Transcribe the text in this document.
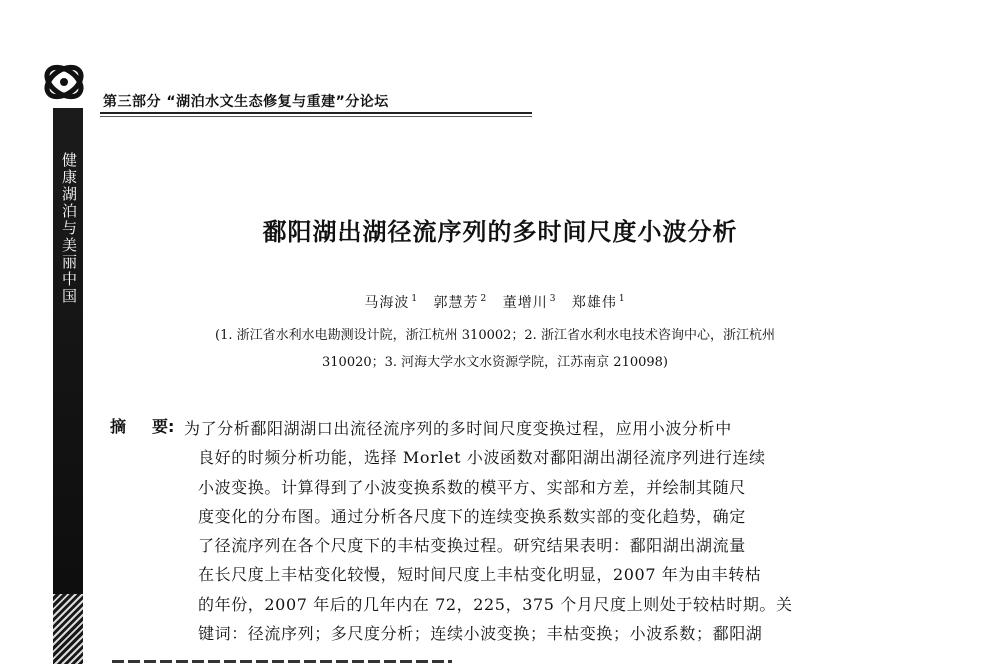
健康湖泊与美丽中国
第三部分 “湖泊水文生态修复与重建”分论坛
鄱阳湖出湖径流序列的多时间尺度小波分析
马海波 $^1$ 郭慧芳 $^2$ 董增川 $^3$ 郑雄伟 $^1$
(1. 浙江省水利水电勘测设计院，浙江杭州 310002；2. 浙江省水利水电技术咨询中心，浙江杭州
310020；3. 河海大学水文水资源学院，江苏南京 210098)
摘 要: 为了分析鄱阳湖湖口出流径流序列的多时间尺度变换过程，应用小波分析中
良好的时频分析功能，选择 Morlet 小波函数对鄱阳湖出湖径流序列进行连续
小波变换。计算得到了小波变换系数的模平方、实部和方差，并绘制其随尺
度变化的分布图。通过分析各尺度下的连续变换系数实部的变化趋势，确定
了径流序列在各个尺度下的丰枯变换过程。研究结果表明：鄱阳湖出湖流量
在长尺度上丰枯变化较慢，短时间尺度上丰枯变化明显，2007 年为由丰转枯
的年份，2007 年后的几年内在 72，225，375 个月尺度上则处于较枯时期。关
键词：径流序列；多尺度分析；连续小波变换；丰枯变换；小波系数；鄱阳湖
